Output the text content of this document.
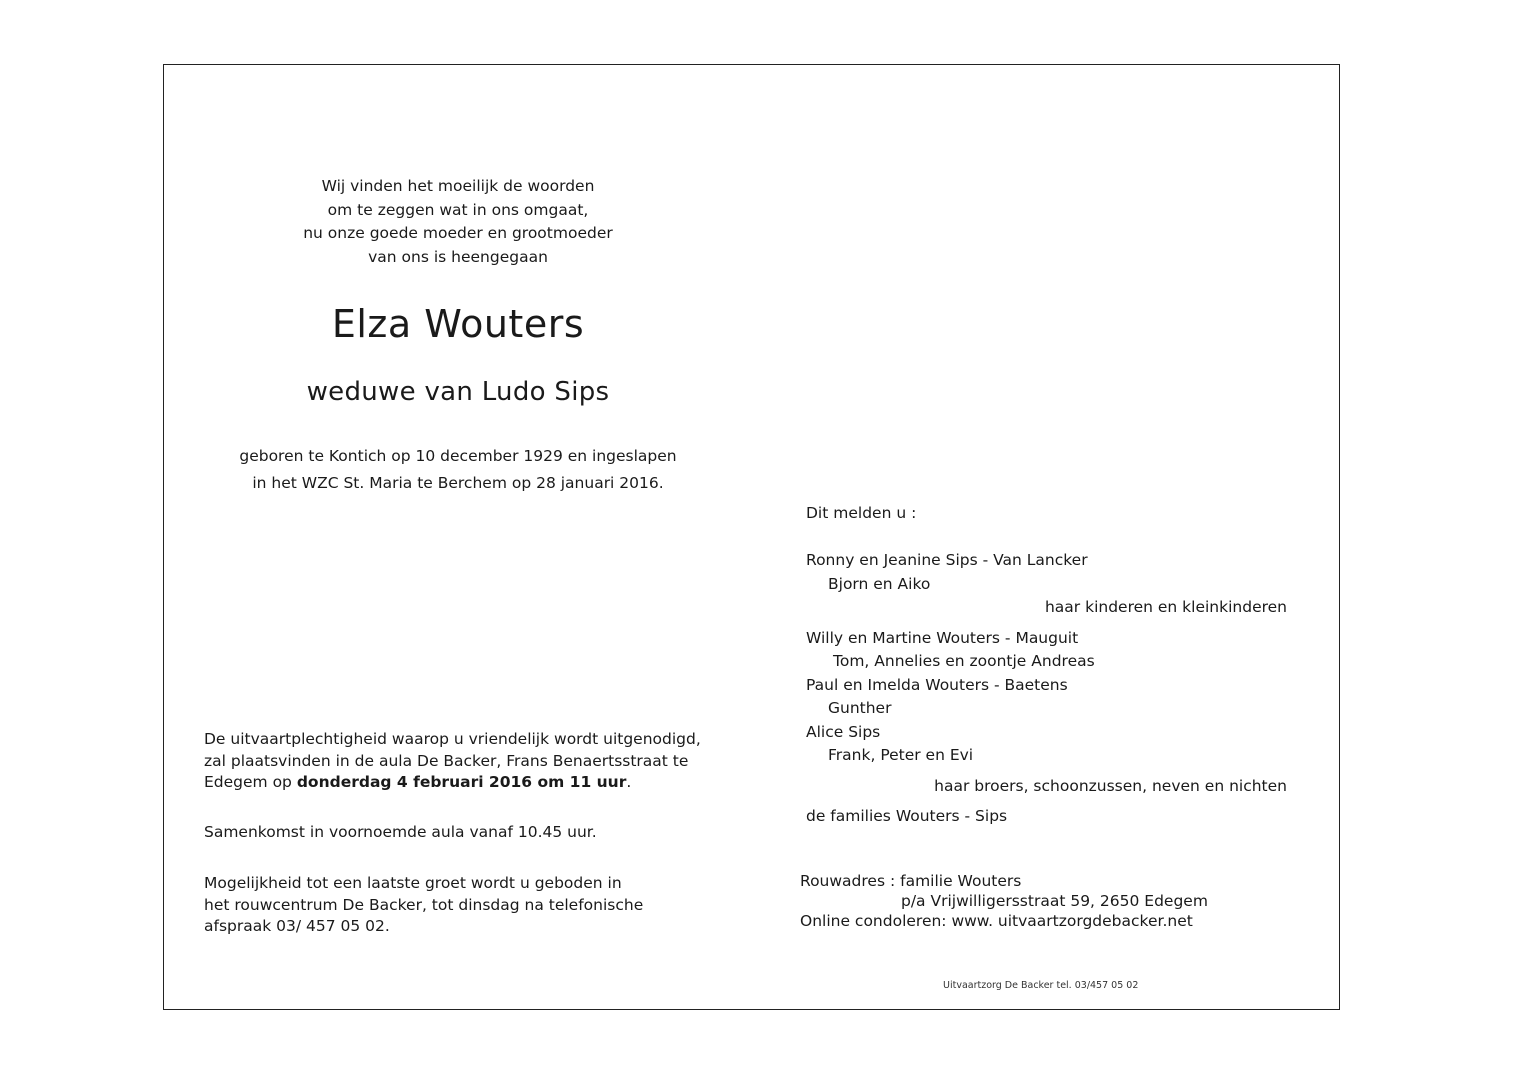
Wij vinden het moeilijk de woorden
om te zeggen wat in ons omgaat,
nu onze goede moeder en grootmoeder
van ons is heengegaan
Elza Wouters
weduwe van Ludo Sips
geboren te Kontich op 10 december 1929 en ingeslapen
in het WZC St. Maria te Berchem op 28 januari 2016.
De uitvaartplechtigheid waarop u vriendelijk wordt uitgenodigd,
zal plaatsvinden in de aula De Backer, Frans Benaertsstraat te
Edegem op donderdag 4 februari 2016 om 11 uur.
Samenkomst in voornoemde aula vanaf 10.45 uur.
Mogelijkheid tot een laatste groet wordt u geboden in
het rouwcentrum De Backer, tot dinsdag na telefonische
afspraak 03/ 457 05 02.
Dit melden u :
Ronny en Jeanine Sips - Van Lancker
Bjorn en Aiko
haar kinderen en kleinkinderen
Willy en Martine Wouters - Mauguit
Tom, Annelies en zoontje Andreas
Paul en Imelda Wouters - Baetens
Gunther
Alice Sips
Frank, Peter en Evi
haar broers, schoonzussen, neven en nichten
de families Wouters - Sips
Rouwadres : familie Wouters
p/a Vrijwilligersstraat 59, 2650 Edegem
Online condoleren: www. uitvaartzorgdebacker.net
Uitvaartzorg De Backer tel. 03/457 05 02
